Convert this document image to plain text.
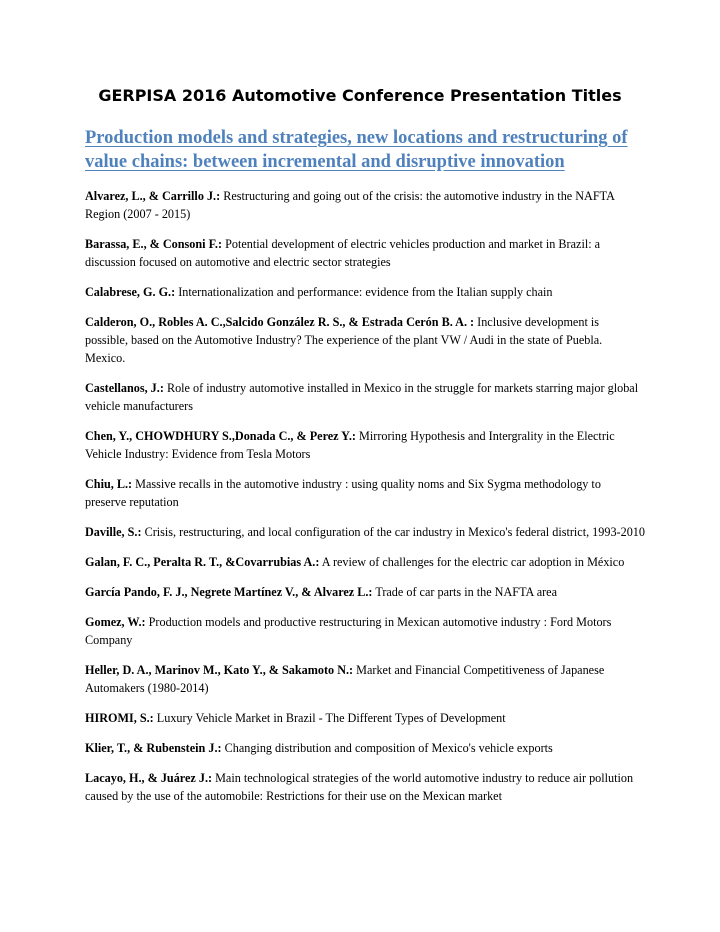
GERPISA 2016 Automotive Conference Presentation Titles
Production models and strategies, new locations and restructuring of value chains: between incremental and disruptive innovation

Alvarez, L., & Carrillo J.: Restructuring and going out of the crisis: the automotive industry in the NAFTA Region (2007 - 2015)

Barassa, E., & Consoni F.: Potential development of electric vehicles production and market in Brazil: a discussion focused on automotive and electric sector strategies

Calabrese, G. G.: Internationalization and performance: evidence from the Italian supply chain

Calderon, O., Robles A. C.,Salcido González R. S., & Estrada Cerón B. A. : Inclusive development is possible, based on the Automotive Industry? The experience of the plant VW / Audi in the state of Puebla. Mexico.

Castellanos, J.: Role of industry automotive installed in Mexico in the struggle for markets starring major global vehicle manufacturers

Chen, Y., CHOWDHURY S.,Donada C., & Perez Y.: Mirroring Hypothesis and Intergrality in the Electric Vehicle Industry: Evidence from Tesla Motors

Chiu, L.: Massive recalls in the automotive industry : using quality noms and Six Sygma methodology to preserve reputation

Daville, S.: Crisis, restructuring, and local configuration of the car industry in Mexico's federal district, 1993-2010

Galan, F. C., Peralta R. T., &Covarrubias A.: A review of challenges for the electric car adoption in México

García Pando, F. J., Negrete Martínez V., & Alvarez L.: Trade of car parts in the NAFTA area

Gomez, W.: Production models and productive restructuring in Mexican automotive industry : Ford Motors Company

Heller, D. A., Marinov M., Kato Y., & Sakamoto N.: Market and Financial Competitiveness of Japanese Automakers (1980-2014)

HIROMI, S.: Luxury Vehicle Market in Brazil - The Different Types of Development

Klier, T., & Rubenstein J.: Changing distribution and composition of Mexico's vehicle exports

Lacayo, H., & Juárez J.: Main technological strategies of the world automotive industry to reduce air pollution caused by the use of the automobile: Restrictions for their use on the Mexican market
